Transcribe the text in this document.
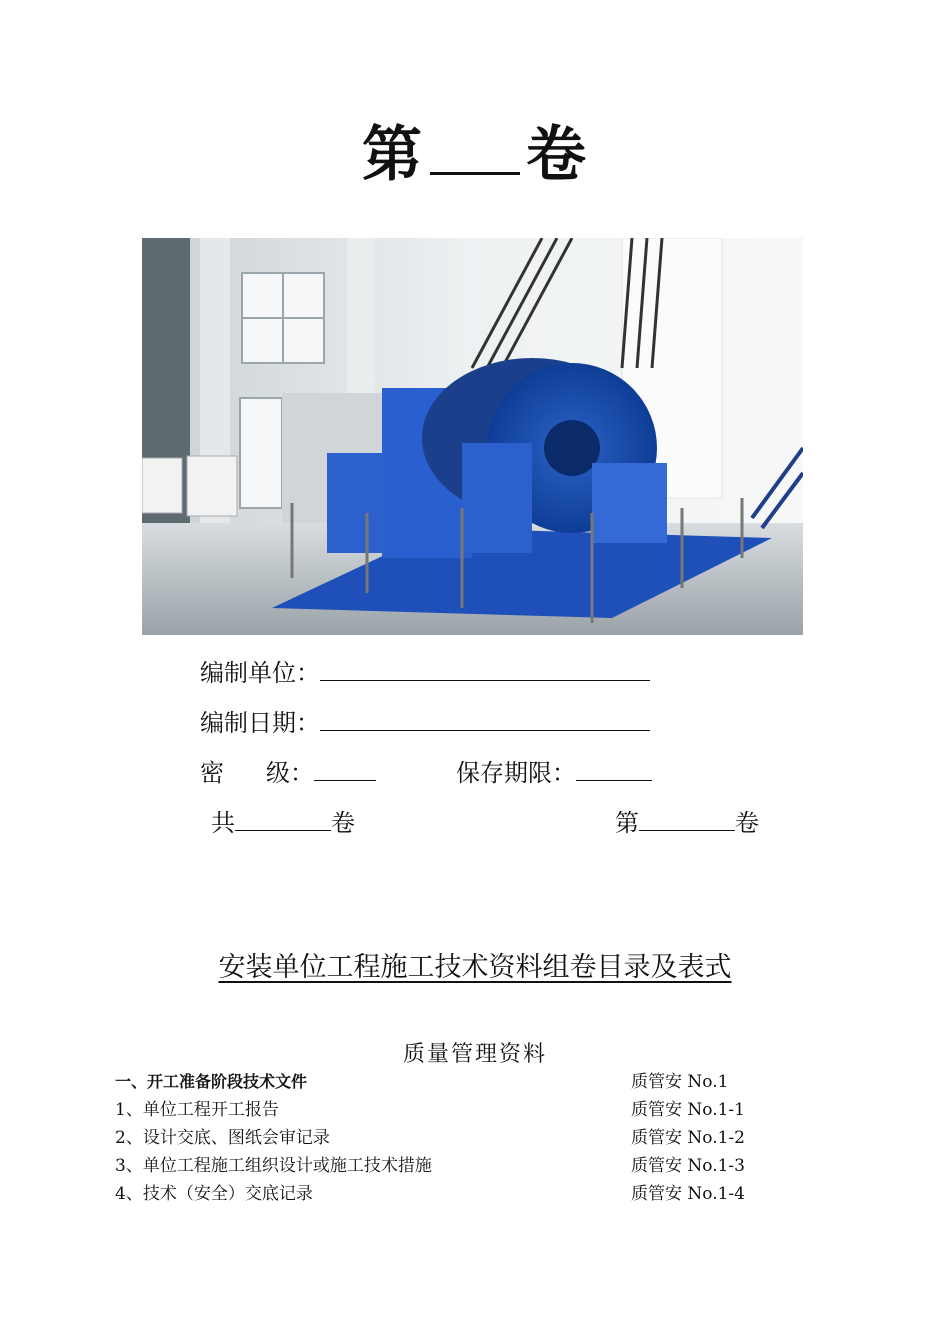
第 卷
编制单位：
编制日期：
密级：	保存期限：
共	卷	第	卷
安装单位工程施工技术资料组卷目录及表式
质量管理资料
一、开工准备阶段技术文件	质管安 No.1
1、单位工程开工报告	质管安 No.1-1
2、设计交底、图纸会审记录	质管安 No.1-2
3、单位工程施工组织设计或施工技术措施	质管安 No.1-3
4、技术（安全）交底记录	质管安 No.1-4
